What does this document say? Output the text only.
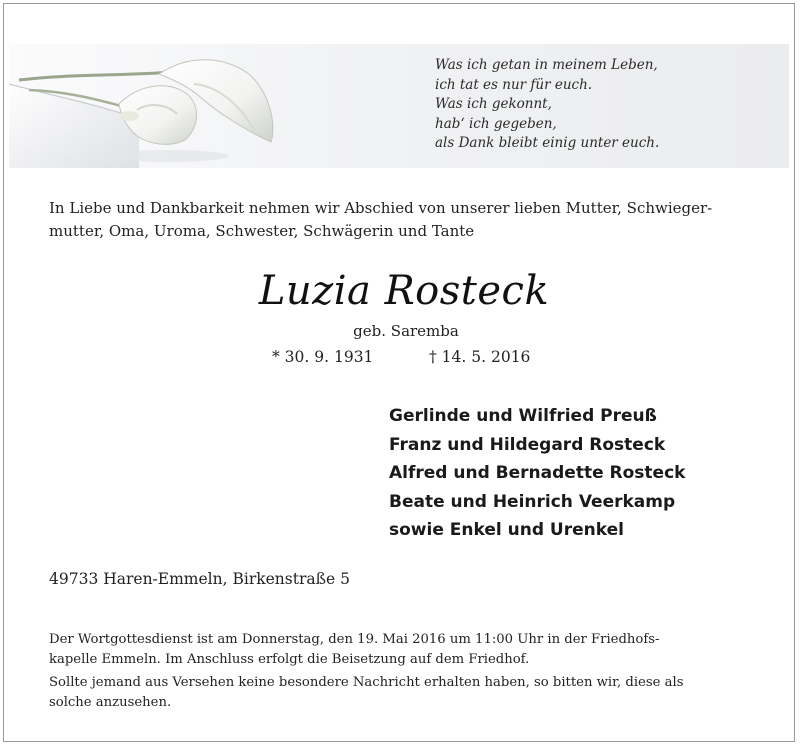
Was ich getan in meinem Leben,
ich tat es nur für euch.
Was ich gekonnt,
hab‘ ich gegeben,
als Dank bleibt einig unter euch.
In Liebe und Dankbarkeit nehmen wir Abschied von unserer lieben Mutter, Schwieger-
mutter, Oma, Uroma, Schwester, Schwägerin und Tante
Luzia Rosteck
geb. Saremba
* 30. 9. 1931	† 14. 5. 2016
Gerlinde und Wilfried Preuß
Franz und Hildegard Rosteck
Alfred und Bernadette Rosteck
Beate und Heinrich Veerkamp
sowie Enkel und Urenkel
49733 Haren-Emmeln, Birkenstraße 5

Der Wortgottesdienst ist am Donnerstag, den 19. Mai 2016 um 11:00 Uhr in der Friedhofs-
kapelle Emmeln. Im Anschluss erfolgt die Beisetzung auf dem Friedhof.

Sollte jemand aus Versehen keine besondere Nachricht erhalten haben, so bitten wir, diese als
solche anzusehen.
